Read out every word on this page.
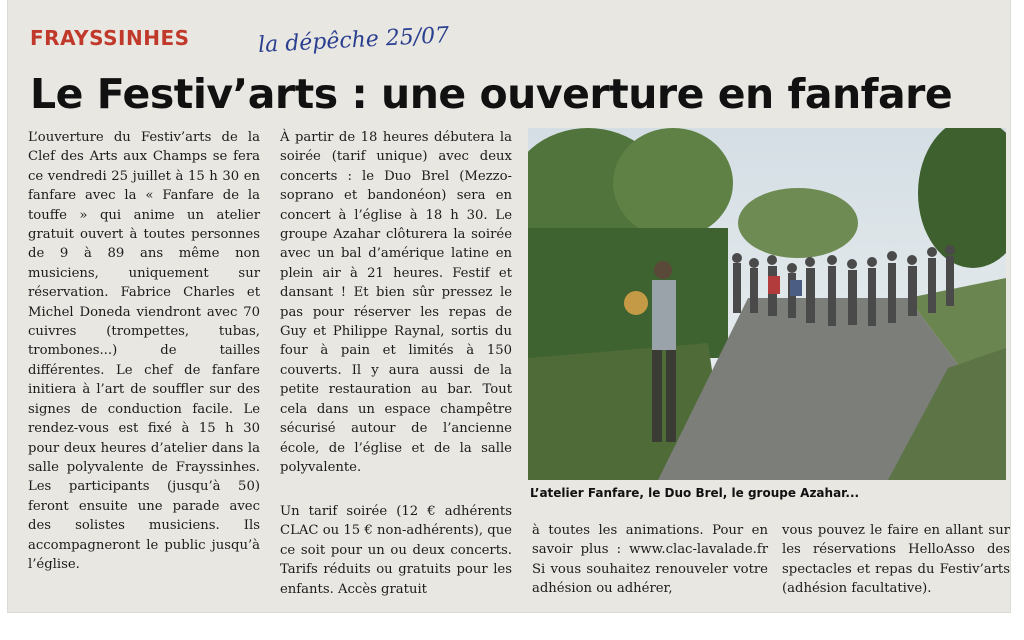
FRAYSSINHES	la dépêche 25/07
Le Festiv’arts : une ouverture en fanfare
L’ouverture du Festiv’arts de la Clef des Arts aux Champs se fera ce vendredi 25 juillet à 15 h 30 en fanfare avec la « Fanfare de la touffe » qui anime un atelier gratuit ouvert à toutes personnes de 9 à 89 ans même non musiciens, uniquement sur réservation. Fabrice Charles et Michel Doneda viendront avec 70 cuivres (trompettes, tubas, trombones...) de tailles différentes. Le chef de fanfare initiera à l’art de souffler sur des signes de conduction facile. Le rendez-vous est fixé à 15 h 30 pour deux heures d’atelier dans la salle polyvalente de Frayssinhes. Les participants (jusqu’à 50) feront ensuite une parade avec des solistes musiciens. Ils accompagneront le public jusqu’à l’église.
À partir de 18 heures débutera la soirée (tarif unique) avec deux concerts : le Duo Brel (Mezzo-soprano et bandonéon) sera en concert à l’église à 18 h 30. Le groupe Azahar clôturera la soirée avec un bal d’amérique latine en plein air à 21 heures. Festif et dansant ! Et bien sûr pressez le pas pour réserver les repas de Guy et Philippe Raynal, sortis du four à pain et limités à 150 couverts. Il y aura aussi de la petite restauration au bar. Tout cela dans un espace champêtre sécurisé autour de l’ancienne école, de l’église et de la salle polyvalente.
Un tarif soirée (12 € adhérents CLAC ou 15 € non-adhérents), que ce soit pour un ou deux concerts. Tarifs réduits ou gratuits pour les enfants. Accès gratuit
à toutes les animations. Pour en savoir plus : www.clac-lavalade.fr Si vous souhaitez renouveler votre adhésion ou adhérer,
vous pouvez le faire en allant sur les réservations HelloAsso des spectacles et repas du Festiv’arts (adhésion facultative).
L’atelier Fanfare, le Duo Brel, le groupe Azahar...
